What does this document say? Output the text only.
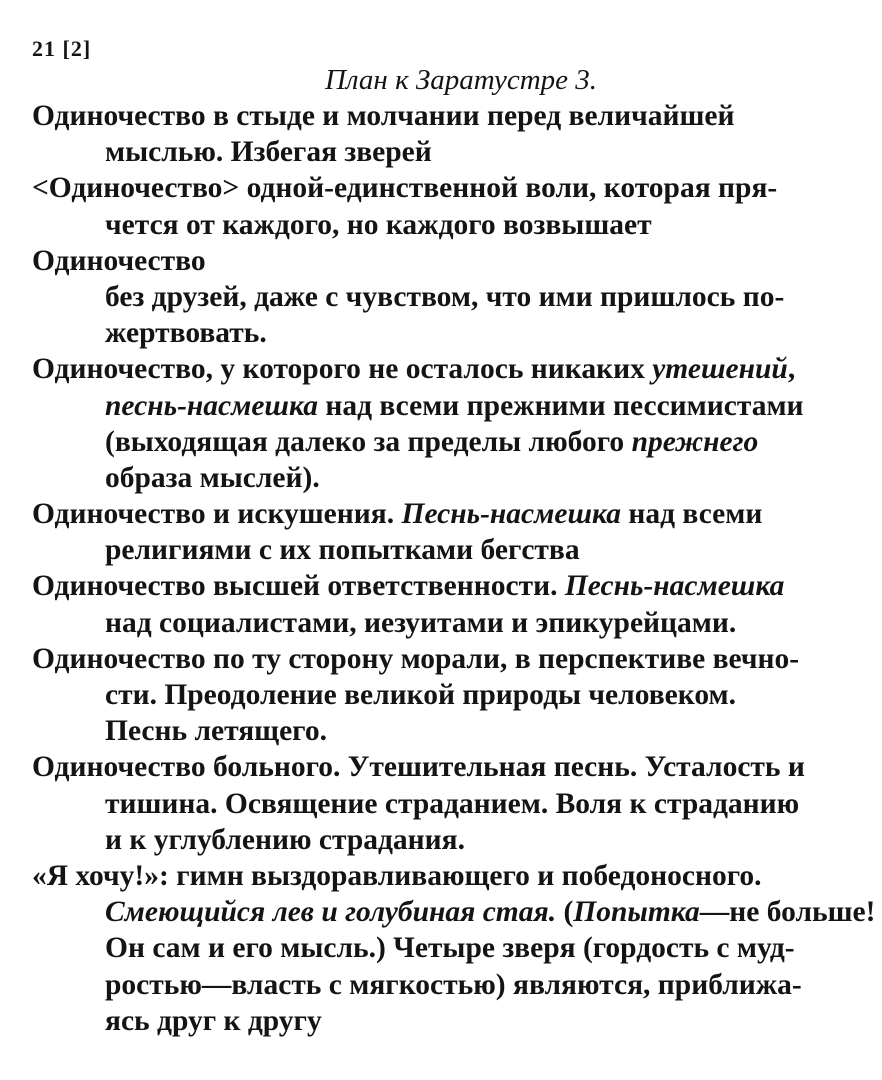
21 [2]
План к Заратустре 3.
Одиночество в стыде и молчании перед величайшей
мыслью. Избегая зверей
<Одиночество> одной-единственной воли, которая пря-
чется от каждого, но каждого возвышает
Одиночество
без друзей, даже с чувством, что ими пришлось по-
жертвовать.
Одиночество, у которого не осталось никаких утешений,
песнь-насмешка над всеми прежними пессимистами
(выходящая далеко за пределы любого прежнего
образа мыслей).
Одиночество и искушения. Песнь-насмешка над всеми
религиями с их попытками бегства
Одиночество высшей ответственности. Песнь-насмешка
над социалистами, иезуитами и эпикурейцами.
Одиночество по ту сторону морали, в перспективе вечно-
сти. Преодоление великой природы человеком.
Песнь летящего.
Одиночество больного. Утешительная песнь. Усталость и
тишина. Освящение страданием. Воля к страданию
и к углублению страдания.
«Я хочу!»: гимн выздоравливающего и победоносного.
Смеющийся лев и голубиная стая. (Попытка—не больше!
Он сам и его мысль.) Четыре зверя (гордость с муд-
ростью—власть с мягкостью) являются, приближа-
ясь друг к другу
